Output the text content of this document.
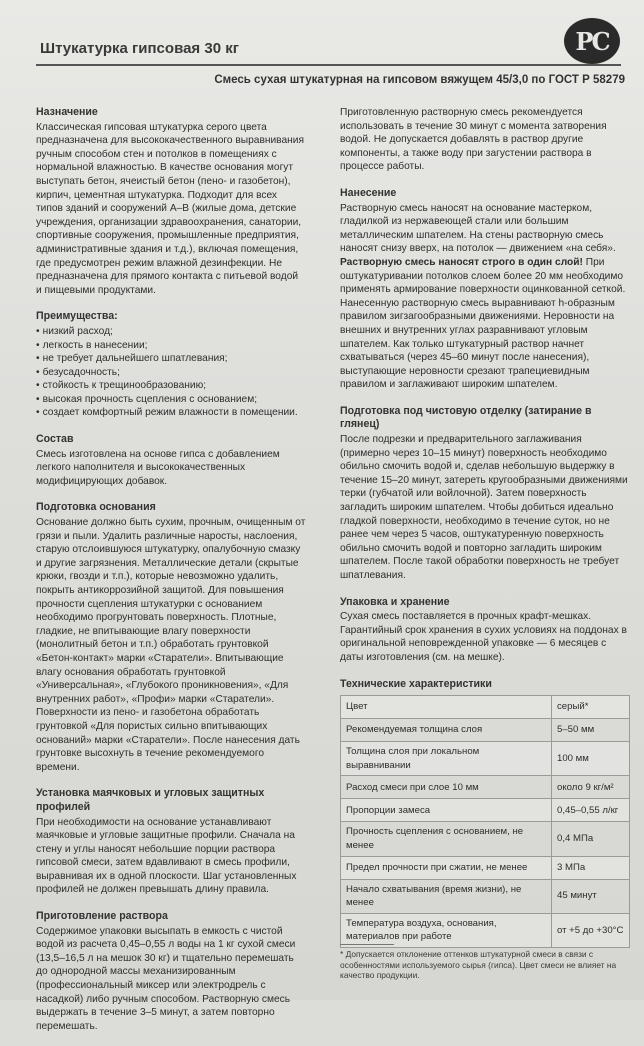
Штукатурка гипсовая 30 кг	PC
Смесь сухая штукатурная на гипсовом вяжущем 45/3,0 по ГОСТ Р 58279
Назначение

Классическая гипсовая штукатурка серого цвета предназначена для высококачественного выравнивания ручным способом стен и потолков в помещениях с нормальной влажностью. В качестве основания могут выступать бетон, ячеистый бетон (пено- и газобетон), кирпич, цементная штукатурка. Подходит для всех типов зданий и сооружений А–В (жилые дома, детские учреждения, организации здравоохранения, санатории, спортивные сооружения, промышленные предприятия, административные здания и т.д.), включая помещения, где предусмотрен режим влажной дезинфекции. Не предназначена для прямого контакта с питьевой водой и пищевыми продуктами.

Преимущества:
• низкий расход;
• легкость в нанесении;
• не требует дальнейшего шпатлевания;
• безусадочность;
• стойкость к трещинообразованию;
• высокая прочность сцепления с основанием;
• создает комфортный режим влажности в помещении.
Состав

Смесь изготовлена на основе гипса с добавлением легкого наполнителя и высококачественных модифицирующих добавок.

Подготовка основания

Основание должно быть сухим, прочным, очищенным от грязи и пыли. Удалить различные наросты, наслоения, старую отслоившуюся штукатурку, опалубочную смазку и другие загрязнения. Металлические детали (скрытые крюки, гвозди и т.п.), которые невозможно удалить, покрыть антикоррозийной защитой. Для повышения прочности сцепления штукатурки с основанием необходимо прогрунтовать поверхность. Плотные, гладкие, не впитывающие влагу поверхности (монолитный бетон и т.п.) обработать грунтовкой «Бетон-контакт» марки «Старатели». Впитывающие влагу основания обработать грунтовкой «Универсальная», «Глубокого проникновения», «Для внутренних работ», «Профи» марки «Старатели». Поверхности из пено- и газобетона обработать грунтовкой «Для пористых сильно впитывающих оснований» марки «Старатели». После нанесения дать грунтовке высохнуть в течение рекомендуемого времени.

Установка маячковых и угловых защитных профилей

При необходимости на основание устанавливают маячковые и угловые защитные профили. Сначала на стену и углы наносят небольшие порции раствора гипсовой смеси, затем вдавливают в смесь профили, выравнивая их в одной плоскости. Шаг установленных профилей не должен превышать длину правила.

Приготовление раствора

Содержимое упаковки высыпать в емкость с чистой водой из расчета 0,45–0,55 л воды на 1 кг сухой смеси (13,5–16,5 л на мешок 30 кг) и тщательно перемешать до однородной массы механизированным (профессиональный миксер или электродрель с насадкой) либо ручным способом. Растворную смесь выдержать в течение 3–5 минут, а затем повторно перемешать.

Приготовленную растворную смесь рекомендуется использовать в течение 30 минут с момента затворения водой. Не допускается добавлять в раствор другие компоненты, а также воду при загустении раствора в процессе работы.

Нанесение

Растворную смесь наносят на основание мастерком, гладилкой из нержавеющей стали или большим металлическим шпателем. На стены растворную смесь наносят снизу вверх, на потолок — движением «на себя». Растворную смесь наносят строго в один слой! При оштукатуривании потолков слоем более 20 мм необходимо применять армирование поверхности оцинкованной сеткой. Нанесенную растворную смесь выравнивают h-образным правилом зигзагообразными движениями. Неровности на внешних и внутренних углах разравнивают угловым шпателем. Как только штукатурный раствор начнет схватываться (через 45–60 минут после нанесения), выступающие неровности срезают трапециевидным правилом и заглаживают широким шпателем.

Подготовка под чистовую отделку (затирание в глянец)

После подрезки и предварительного заглаживания (примерно через 10–15 минут) поверхность необходимо обильно смочить водой и, сделав небольшую выдержку в течение 15–20 минут, затереть кругообразными движениями терки (губчатой или войлочной). Затем поверхность загладить широким шпателем. Чтобы добиться идеально гладкой поверхности, необходимо в течение суток, но не ранее чем через 5 часов, оштукатуренную поверхность обильно смочить водой и повторно загладить широким шпателем. После такой обработки поверхность не требует шпатлевания.

Упаковка и хранение

Сухая смесь поставляется в прочных крафт-мешках. Гарантийный срок хранения в сухих условиях на поддонах в оригинальной неповрежденной упаковке — 6 месяцев с даты изготовления (см. на мешке).

Технические характеристики
Цвет	серый*
Рекомендуемая толщина слоя	5–50 мм
Толщина слоя при локальном выравнивании	100 мм
Расход смеси при слое 10 мм	около 9 кг/м²
Пропорции замеса	0,45–0,55 л/кг
Прочность сцепления с основанием, не менее	0,4 МПа
Предел прочности при сжатии, не менее	3 МПа
Начало схватывания (время жизни), не менее	45 минут
Температура воздуха, основания, материалов при работе	от +5 до +30°С
* Допускается отклонение оттенков штукатурной смеси в связи с особенностями используемого сырья (гипса). Цвет смеси не влияет на качество продукции.
